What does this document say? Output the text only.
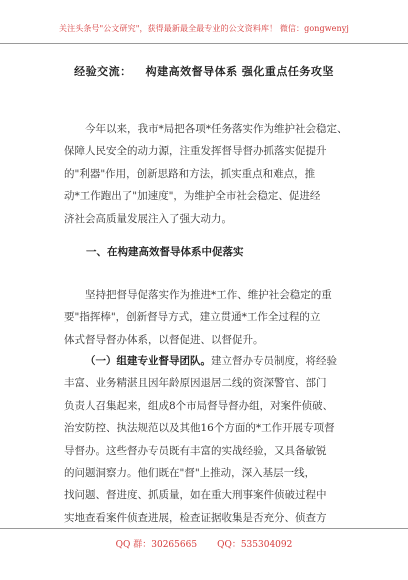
关注头条号"公文研究"，获得最新最全最专业的公文资料库！ 微信：gongwenyj
经验交流： 构建高效督导体系 强化重点任务攻坚
今年以来，我市*局把各项*任务落实作为维护社会稳定、
保障人民安全的动力源，注重发挥督导督办抓落实促提升
的"利器"作用，创新思路和方法，抓实重点和难点，推
动*工作跑出了"加速度"，为维护全市社会稳定、促进经
济社会高质量发展注入了强大动力。
一、在构建高效督导体系中促落实
坚持把督导促落实作为推进*工作、维护社会稳定的重
要"指挥棒"，创新督导方式，建立贯通*工作全过程的立
体式督导督办体系，以督促进、以督促升。
（一）组建专业督导团队。建立督办专员制度，将经验
丰富、业务精湛且因年龄原因退居二线的资深警官、部门
负责人召集起来，组成8个市局督导督办组，对案件侦破、
治安防控、执法规范以及其他16个方面的*工作开展专项督
导督办。这些督办专员既有丰富的实战经验，又具备敏锐
的问题洞察力。他们既在"督"上推动，深入基层一线，
找问题、督进度、抓质量，如在重大刑事案件侦破过程中
实地查看案件侦查进展，检查证据收集是否充分、侦查方
QQ 群：30265665 QQ：535304092
